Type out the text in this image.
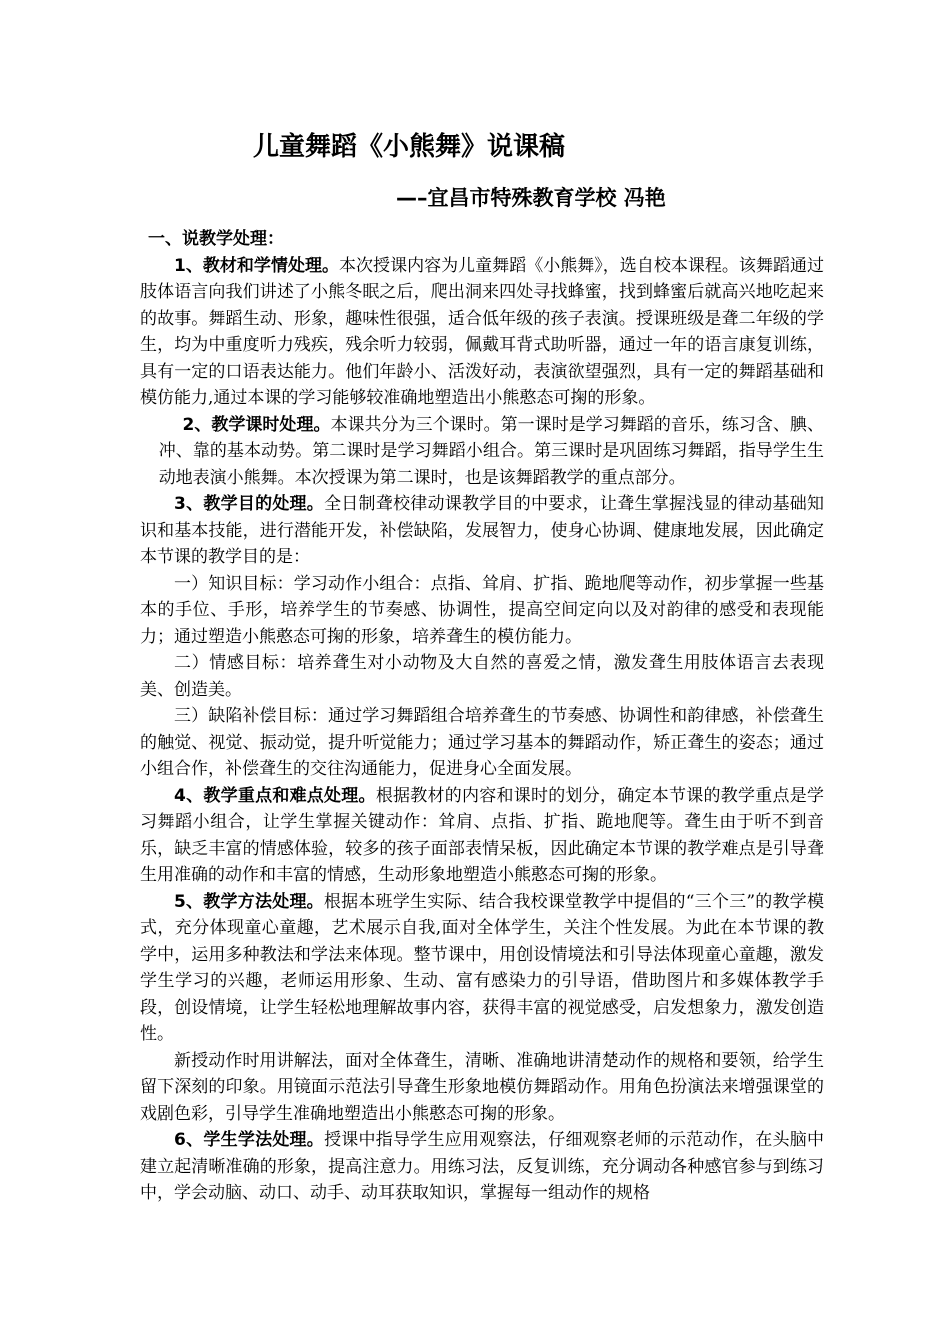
儿童舞蹈《小熊舞》说课稿
—–宜昌市特殊教育学校 冯艳

一、说教学处理：

1、教材和学情处理。本次授课内容为儿童舞蹈《小熊舞》，选自校本课程。该舞蹈通过肢体语言向我们讲述了小熊冬眠之后，爬出洞来四处寻找蜂蜜，找到蜂蜜后就高兴地吃起来的故事。舞蹈生动、形象，趣味性很强，适合低年级的孩子表演。授课班级是聋二年级的学生，均为中重度听力残疾，残余听力较弱，佩戴耳背式助听器，通过一年的语言康复训练，具有一定的口语表达能力。他们年龄小、活泼好动，表演欲望强烈，具有一定的舞蹈基础和模仿能力,通过本课的学习能够较准确地塑造出小熊憨态可掬的形象。

2、教学课时处理。本课共分为三个课时。第一课时是学习舞蹈的音乐，练习含、腆、冲、靠的基本动势。第二课时是学习舞蹈小组合。第三课时是巩固练习舞蹈，指导学生生动地表演小熊舞。本次授课为第二课时，也是该舞蹈教学的重点部分。

3、教学目的处理。全日制聋校律动课教学目的中要求，让聋生掌握浅显的律动基础知识和基本技能，进行潜能开发，补偿缺陷，发展智力，使身心协调、健康地发展，因此确定本节课的教学目的是：

一）知识目标：学习动作小组合：点指、耸肩、扩指、跪地爬等动作，初步掌握一些基本的手位、手形，培养学生的节奏感、协调性，提高空间定向以及对韵律的感受和表现能力；通过塑造小熊憨态可掬的形象，培养聋生的模仿能力。

二）情感目标：培养聋生对小动物及大自然的喜爱之情，激发聋生用肢体语言去表现美、创造美。

三）缺陷补偿目标：通过学习舞蹈组合培养聋生的节奏感、协调性和韵律感，补偿聋生的触觉、视觉、振动觉，提升听觉能力；通过学习基本的舞蹈动作，矫正聋生的姿态；通过小组合作，补偿聋生的交往沟通能力，促进身心全面发展。

4、教学重点和难点处理。根据教材的内容和课时的划分，确定本节课的教学重点是学习舞蹈小组合，让学生掌握关键动作：耸肩、点指、扩指、跪地爬等。聋生由于听不到音乐，缺乏丰富的情感体验，较多的孩子面部表情呆板，因此确定本节课的教学难点是引导聋生用准确的动作和丰富的情感，生动形象地塑造小熊憨态可掬的形象。

5、教学方法处理。根据本班学生实际、结合我校课堂教学中提倡的“三个三”的教学模式，充分体现童心童趣，艺术展示自我,面对全体学生，关注个性发展。为此在本节课的教学中，运用多种教法和学法来体现。整节课中，用创设情境法和引导法体现童心童趣，激发学生学习的兴趣，老师运用形象、生动、富有感染力的引导语，借助图片和多媒体教学手段，创设情境，让学生轻松地理解故事内容，获得丰富的视觉感受，启发想象力，激发创造性。

新授动作时用讲解法，面对全体聋生，清晰、准确地讲清楚动作的规格和要领，给学生留下深刻的印象。用镜面示范法引导聋生形象地模仿舞蹈动作。用角色扮演法来增强课堂的戏剧色彩，引导学生准确地塑造出小熊憨态可掬的形象。

6、学生学法处理。授课中指导学生应用观察法，仔细观察老师的示范动作，在头脑中建立起清晰准确的形象，提高注意力。用练习法，反复训练，充分调动各种感官参与到练习中，学会动脑、动口、动手、动耳获取知识，掌握每一组动作的规格
